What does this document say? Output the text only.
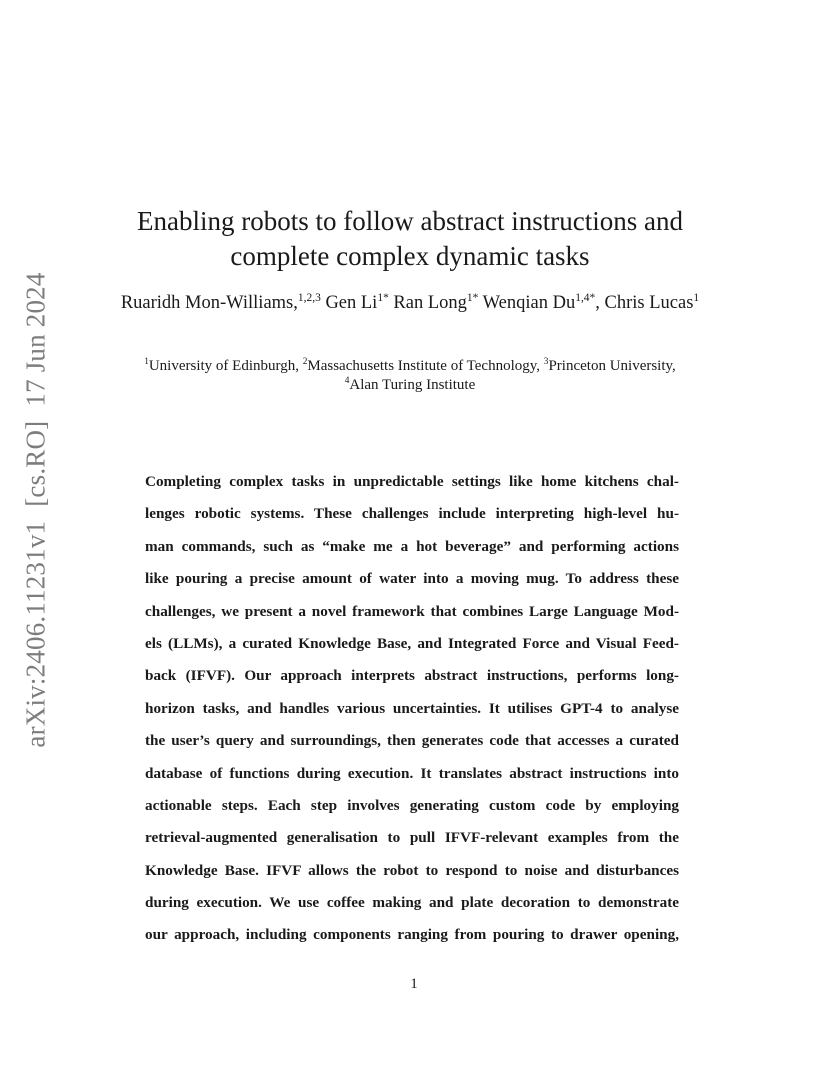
arXiv:2406.11231v1[cs.RO]17 Jun 2024
Enabling robots to follow abstract instructions and
complete complex dynamic tasks
Ruaridh Mon-Williams,$^{1,2,3}$ Gen $Li^{1*}$ Ran Long$^{1*}$ Wenqian $Du^{1,4*}$, Chris Lucas$^1$
$^1$University of Edinburgh, $^2$Massachusetts Institute of Technology, $^3$Princeton University,
$^4$Alan Turing Institute
Completing complex tasks in unpredictable settings like home kitchens chal-
lenges robotic systems. These challenges include interpreting high-level hu-
man commands, such as “make me a hot beverage” and performing actions
like pouring a precise amount of water into a moving mug. To address these
challenges, we present a novel framework that combines Large Language Mod-
els (LLMs), a curated Knowledge Base, and Integrated Force and Visual Feed-
back (IFVF). Our approach interprets abstract instructions, performs long-
horizon tasks, and handles various uncertainties. It utilises GPT-4 to analyse
the user’s query and surroundings, then generates code that accesses a curated
database of functions during execution. It translates abstract instructions into
actionable steps. Each step involves generating custom code by employing
retrieval-augmented generalisation to pull IFVF-relevant examples from the
Knowledge Base. IFVF allows the robot to respond to noise and disturbances
during execution. We use coffee making and plate decoration to demonstrate
our approach, including components ranging from pouring to drawer opening,
1
